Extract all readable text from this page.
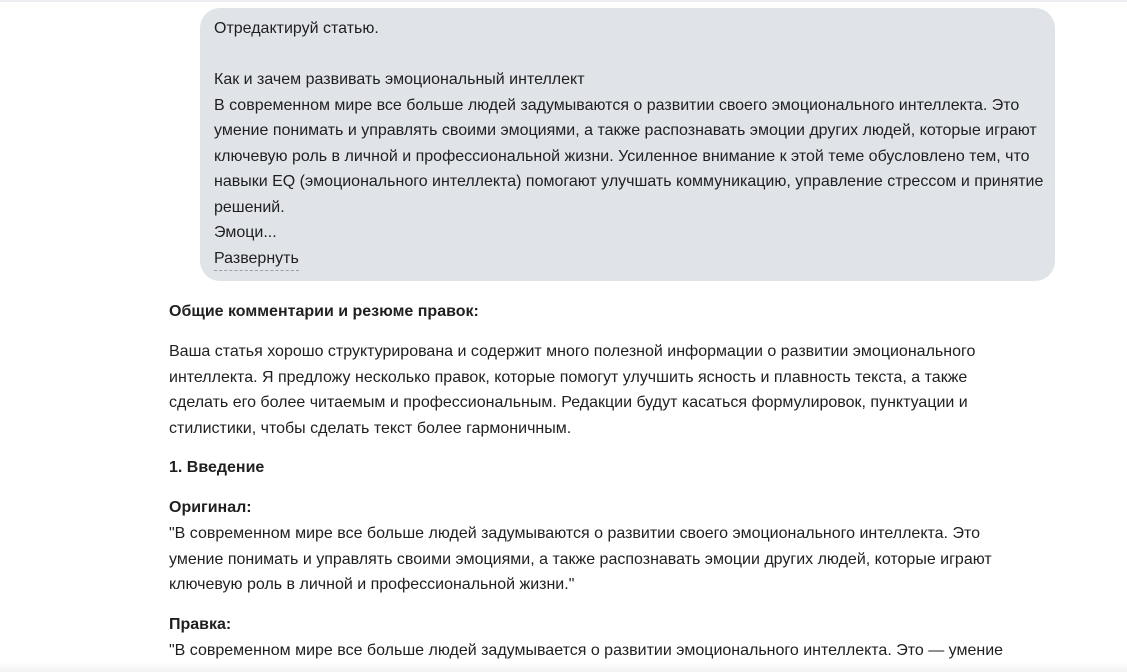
Отредактируй статью.

Как и зачем развивать эмоциональный интеллект
В современном мире все больше людей задумываются о развитии своего эмоционального интеллекта. Это
умение понимать и управлять своими эмоциями, а также распознавать эмоции других людей, которые играют
ключевую роль в личной и профессиональной жизни. Усиленное внимание к этой теме обусловлено тем, что
навыки EQ (эмоционального интеллекта) помогают улучшать коммуникацию, управление стрессом и принятие
решений.
Эмоци...
Развернуть
Общие комментарии и резюме правок:
Ваша статья хорошо структурирована и содержит много полезной информации о развитии эмоционального
интеллекта. Я предложу несколько правок, которые помогут улучшить ясность и плавность текста, а также
сделать его более читаемым и профессиональным. Редакции будут касаться формулировок, пунктуации и
стилистики, чтобы сделать текст более гармоничным.
1. Введение
Оригинал:
"В современном мире все больше людей задумываются о развитии своего эмоционального интеллекта. Это
умение понимать и управлять своими эмоциями, а также распознавать эмоции других людей, которые играют
ключевую роль в личной и профессиональной жизни."
Правка:
"В современном мире все больше людей задумывается о развитии эмоционального интеллекта. Это — умение
